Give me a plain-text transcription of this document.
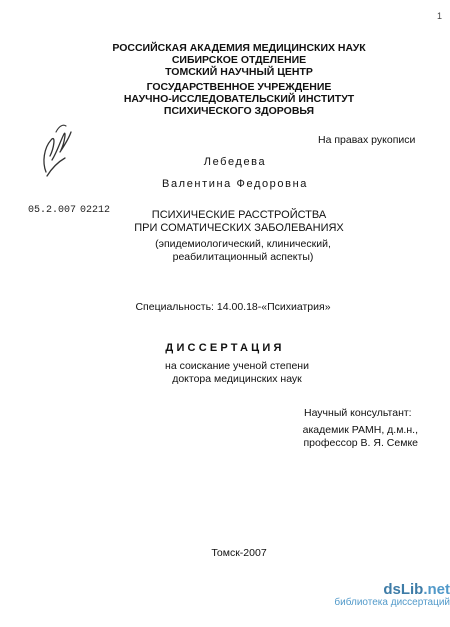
1
РОССИЙСКАЯ АКАДЕМИЯ МЕДИЦИНСКИХ НАУК
СИБИРСКОЕ ОТДЕЛЕНИЕ
ТОМСКИЙ НАУЧНЫЙ ЦЕНТР
ГОСУДАРСТВЕННОЕ УЧРЕЖДЕНИЕ
НАУЧНО-ИССЛЕДОВАТЕЛЬСКИЙ ИНСТИТУТ
ПСИХИЧЕСКОГО ЗДОРОВЬЯ
На правах рукописи
Лебедева
Валентина Федоровна
05.2.007 02212	ПСИХИЧЕСКИЕ РАССТРОЙСТВА
ПРИ СОМАТИЧЕСКИХ ЗАБОЛЕВАНИЯХ
(эпидемиологический, клинический,
реабилитационный аспекты)
Специальность: 14.00.18-«Психиатрия»
ДИССЕРТАЦИЯ
на соискание ученой степени
доктора медицинских наук
Научный консультант:
академик РАМН, д.м.н.,
профессор В. Я. Семке
Томск-2007
dsLib.net
библиотека диссертаций
